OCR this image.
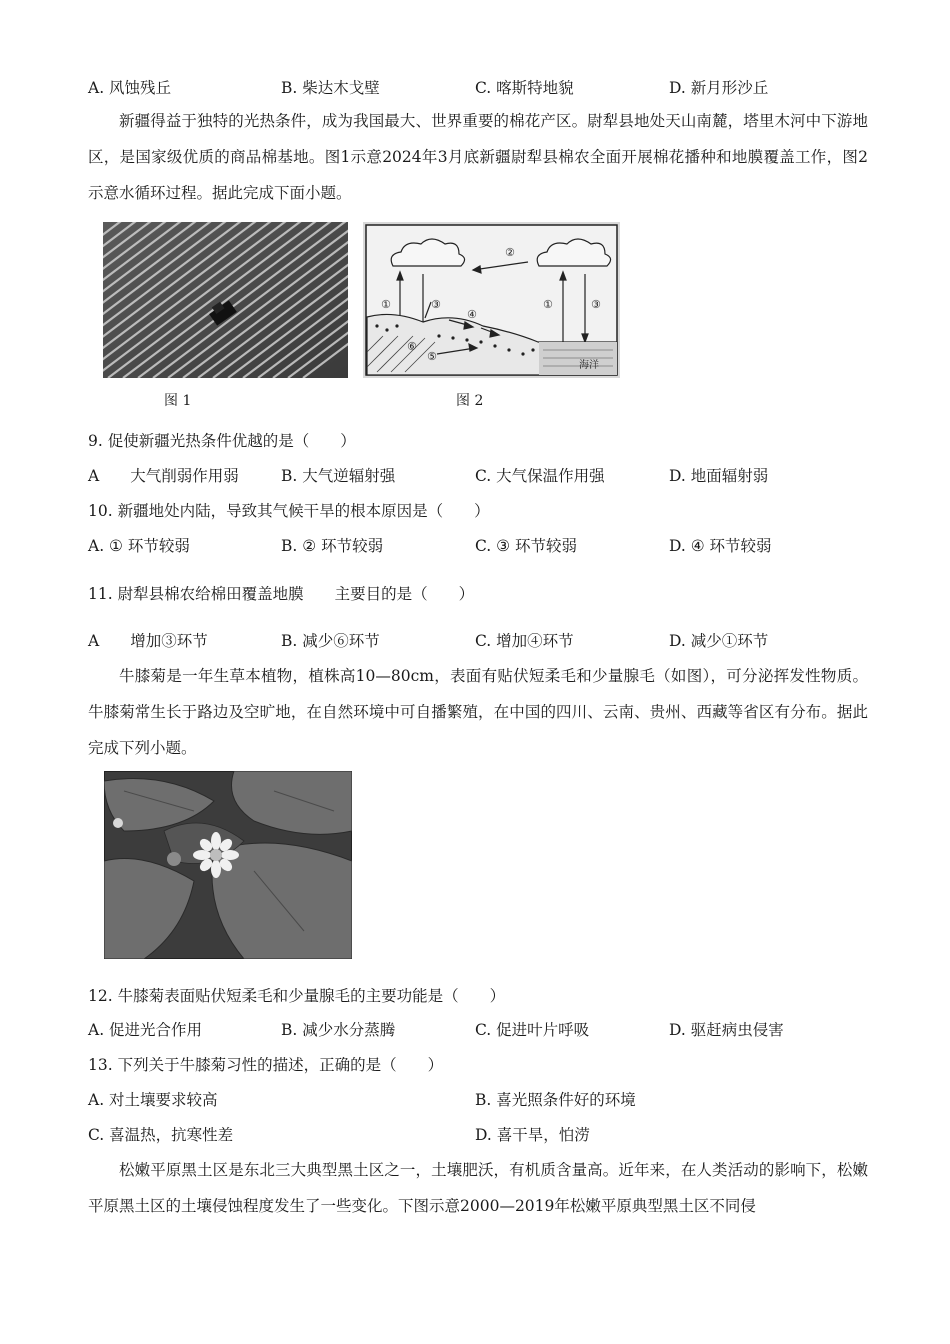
A. 风蚀残丘	B. 柴达木戈壁	C. 喀斯特地貌	D. 新月形沙丘
新疆得益于独特的光热条件，成为我国最大、世界重要的棉花产区。尉犁县地处天山南麓，塔里木河中下游地区，是国家级优质的商品棉基地。图1示意2024年3月底新疆尉犁县棉农全面开展棉花播种和地膜覆盖工作，图2示意水循环过程。据此完成下面小题。
②
①	③	①	③
④
⑥
⑤
海洋
图 1	图 2
9. 促使新疆光热条件优越的是（　　）
A　　大气削弱作用弱	B. 大气逆辐射强	C. 大气保温作用强	D. 地面辐射弱
10. 新疆地处内陆，导致其气候干旱的根本原因是（　　）
A. ① 环节较弱	B. ② 环节较弱	C. ③ 环节较弱	D. ④ 环节较弱
11. 尉犁县棉农给棉田覆盖地膜　　主要目的是（　　）
A　　增加③环节	B. 减少⑥环节	C. 增加④环节	D. 减少①环节
牛膝菊是一年生草本植物，植株高10—80cm，表面有贴伏短柔毛和少量腺毛（如图），可分泌挥发性物质。牛膝菊常生长于路边及空旷地，在自然环境中可自播繁殖，在中国的四川、云南、贵州、西藏等省区有分布。据此完成下列小题。
12. 牛膝菊表面贴伏短柔毛和少量腺毛的主要功能是（　　）
A. 促进光合作用	B. 减少水分蒸腾	C. 促进叶片呼吸	D. 驱赶病虫侵害
13. 下列关于牛膝菊习性的描述，正确的是（　　）
A. 对土壤要求较高	B. 喜光照条件好的环境
C. 喜温热，抗寒性差	D. 喜干旱，怕涝
松嫩平原黑土区是东北三大典型黑土区之一，土壤肥沃，有机质含量高。近年来，在人类活动的影响下，松嫩平原黑土区的土壤侵蚀程度发生了一些变化。下图示意2000—2019年松嫩平原典型黑土区不同侵
